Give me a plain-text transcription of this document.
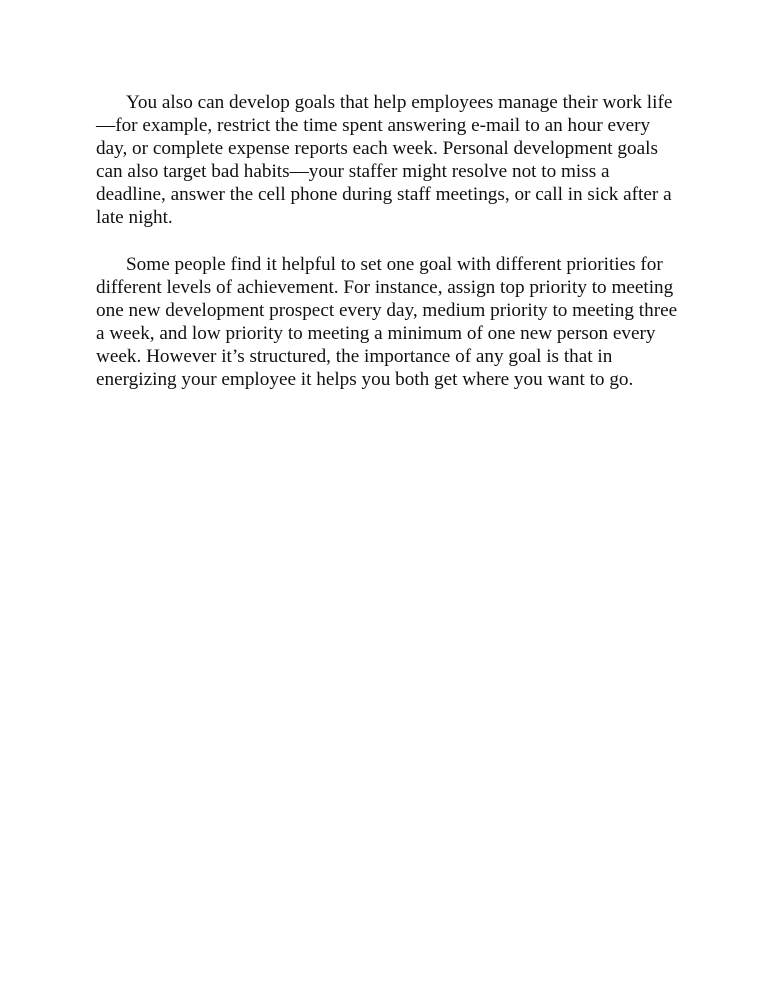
You also can develop goals that help employees manage their work life
—for example, restrict the time spent answering e-mail to an hour every
day, or complete expense reports each week. Personal development goals
can also target bad habits—your staffer might resolve not to miss a
deadline, answer the cell phone during staff meetings, or call in sick after a
late night.

Some people find it helpful to set one goal with different priorities for
different levels of achievement. For instance, assign top priority to meeting
one new development prospect every day, medium priority to meeting three
a week, and low priority to meeting a minimum of one new person every
week. However it’s structured, the importance of any goal is that in
energizing your employee it helps you both get where you want to go.
